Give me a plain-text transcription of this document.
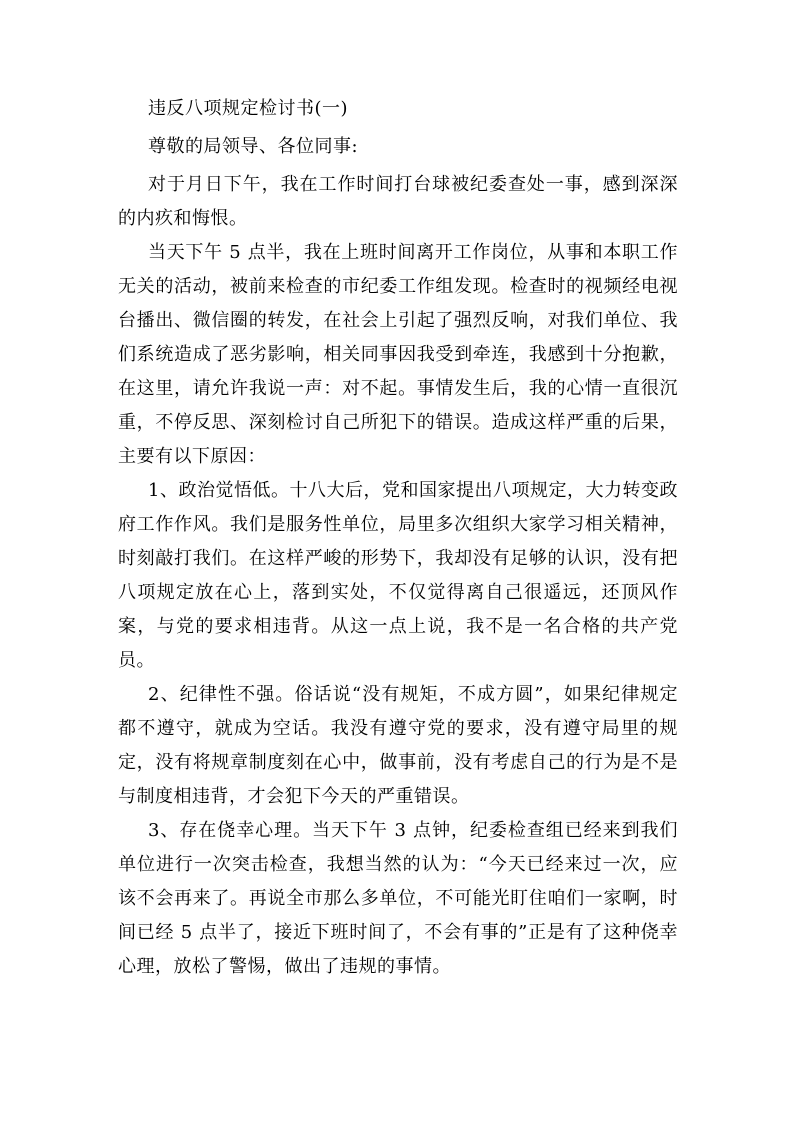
违反八项规定检讨书(一)

尊敬的局领导、各位同事:

对于月日下午，我在工作时间打台球被纪委查处一事，感到深深的内疚和悔恨。

当天下午 5 点半，我在上班时间离开工作岗位，从事和本职工作无关的活动，被前来检查的市纪委工作组发现。检查时的视频经电视台播出、微信圈的转发，在社会上引起了强烈反响，对我们单位、我们系统造成了恶劣影响，相关同事因我受到牵连，我感到十分抱歉，在这里，请允许我说一声：对不起。事情发生后，我的心情一直很沉重，不停反思、深刻检讨自己所犯下的错误。造成这样严重的后果，主要有以下原因：

1、政治觉悟低。十八大后，党和国家提出八项规定，大力转变政府工作作风。我们是服务性单位，局里多次组织大家学习相关精神，时刻敲打我们。在这样严峻的形势下，我却没有足够的认识，没有把八项规定放在心上，落到实处，不仅觉得离自己很遥远，还顶风作案，与党的要求相违背。从这一点上说，我不是一名合格的共产党员。

2、纪律性不强。俗话说“没有规矩，不成方圆”，如果纪律规定都不遵守，就成为空话。我没有遵守党的要求，没有遵守局里的规定，没有将规章制度刻在心中，做事前，没有考虑自己的行为是不是与制度相违背，才会犯下今天的严重错误。

3、存在侥幸心理。当天下午 3 点钟，纪委检查组已经来到我们单位进行一次突击检查，我想当然的认为：“今天已经来过一次，应该不会再来了。再说全市那么多单位，不可能光盯住咱们一家啊，时间已经 5 点半了，接近下班时间了，不会有事的”正是有了这种侥幸心理，放松了警惕，做出了违规的事情。
